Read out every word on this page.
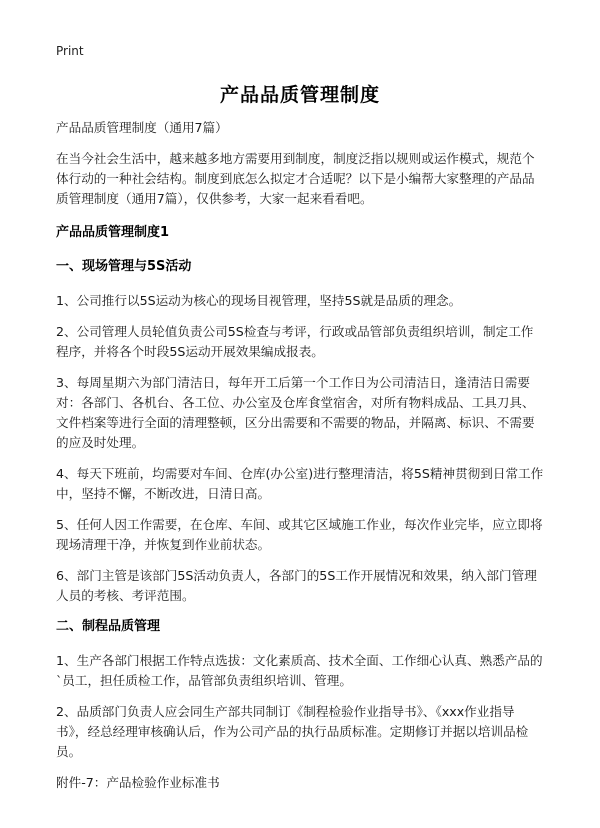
Print
产品品质管理制度

产品品质管理制度（通用7篇）

在当今社会生活中，越来越多地方需要用到制度，制度泛指以规则或运作模式，规范个体行动的一种社会结构。制度到底怎么拟定才合适呢？以下是小编帮大家整理的产品品质管理制度（通用7篇），仅供参考，大家一起来看看吧。

产品品质管理制度1
一、现场管理与5S活动

1、公司推行以5S运动为核心的现场目视管理，坚持5S就是品质的理念。

2、公司管理人员轮值负责公司5S检查与考评，行政或品管部负责组织培训，制定工作程序，并将各个时段5S运动开展效果编成报表。

3、每周星期六为部门清洁日，每年开工后第一个工作日为公司清洁日，逢清洁日需要对：各部门、各机台、各工位、办公室及仓库食堂宿舍，对所有物料成品、工具刀具、文件档案等进行全面的清理整顿，区分出需要和不需要的物品，并隔离、标识、不需要的应及时处理。

4、每天下班前，均需要对车间、仓库(办公室)进行整理清洁，将5S精神贯彻到日常工作中，坚持不懈，不断改进，日清日高。

5、任何人因工作需要，在仓库、车间、或其它区域施工作业，每次作业完毕，应立即将现场清理干净，并恢复到作业前状态。

6、部门主管是该部门5S活动负责人，各部门的5S工作开展情况和效果，纳入部门管理人员的考核、考评范围。

二、制程品质管理

1、生产各部门根据工作特点选拔：文化素质高、技术全面、工作细心认真、熟悉产品的`员工，担任质检工作，品管部负责组织培训、管理。

2、品质部门负责人应会同生产部共同制订《制程检验作业指导书》、《xxx作业指导书》，经总经理审核确认后，作为公司产品的执行品质标准。定期修订并据以培训品检员。

附件-7：产品检验作业标准书
